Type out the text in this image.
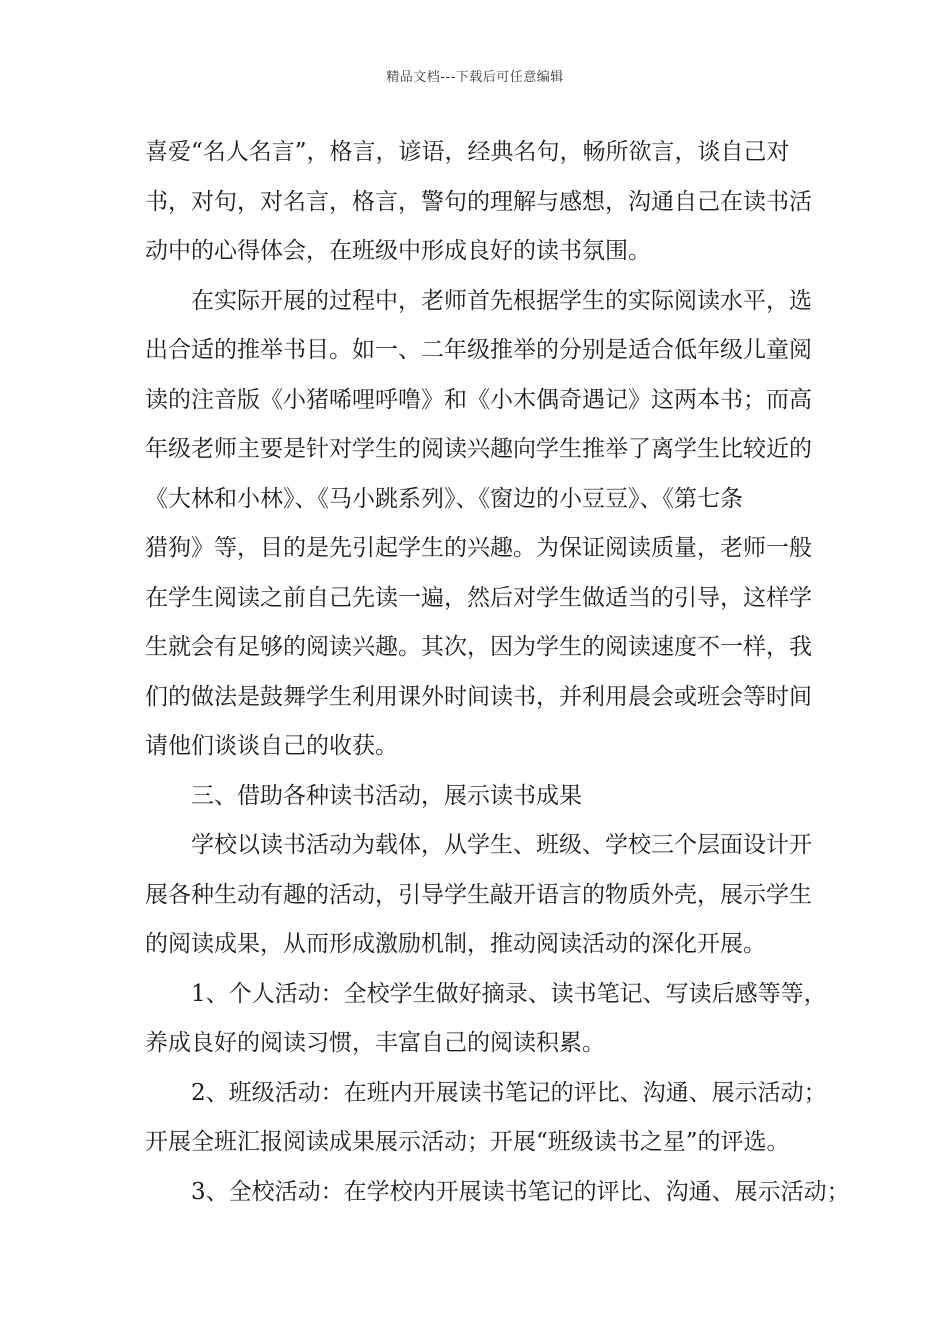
精品文档---下载后可任意编辑
喜爱“名人名言”，格言，谚语，经典名句，畅所欲言，谈自己对
书，对句，对名言，格言，警句的理解与感想，沟通自己在读书活
动中的心得体会，在班级中形成良好的读书氛围。
在实际开展的过程中，老师首先根据学生的实际阅读水平，选
出合适的推举书目。如一、二年级推举的分别是适合低年级儿童阅
读的注音版《小猪唏哩呼噜》和《小木偶奇遇记》这两本书；而高
年级老师主要是针对学生的阅读兴趣向学生推举了离学生比较近的
《大林和小林》、《马小跳系列》、《窗边的小豆豆》、《第七条
猎狗》等，目的是先引起学生的兴趣。为保证阅读质量，老师一般
在学生阅读之前自己先读一遍，然后对学生做适当的引导，这样学
生就会有足够的阅读兴趣。其次，因为学生的阅读速度不一样，我
们的做法是鼓舞学生利用课外时间读书，并利用晨会或班会等时间
请他们谈谈自己的收获。
三、借助各种读书活动，展示读书成果
学校以读书活动为载体，从学生、班级、学校三个层面设计开
展各种生动有趣的活动，引导学生敲开语言的物质外壳，展示学生
的阅读成果，从而形成激励机制，推动阅读活动的深化开展。
1、个人活动：全校学生做好摘录、读书笔记、写读后感等等，
养成良好的阅读习惯，丰富自己的阅读积累。
2、班级活动：在班内开展读书笔记的评比、沟通、展示活动；
开展全班汇报阅读成果展示活动；开展“班级读书之星”的评选。
3、全校活动：在学校内开展读书笔记的评比、沟通、展示活动；
